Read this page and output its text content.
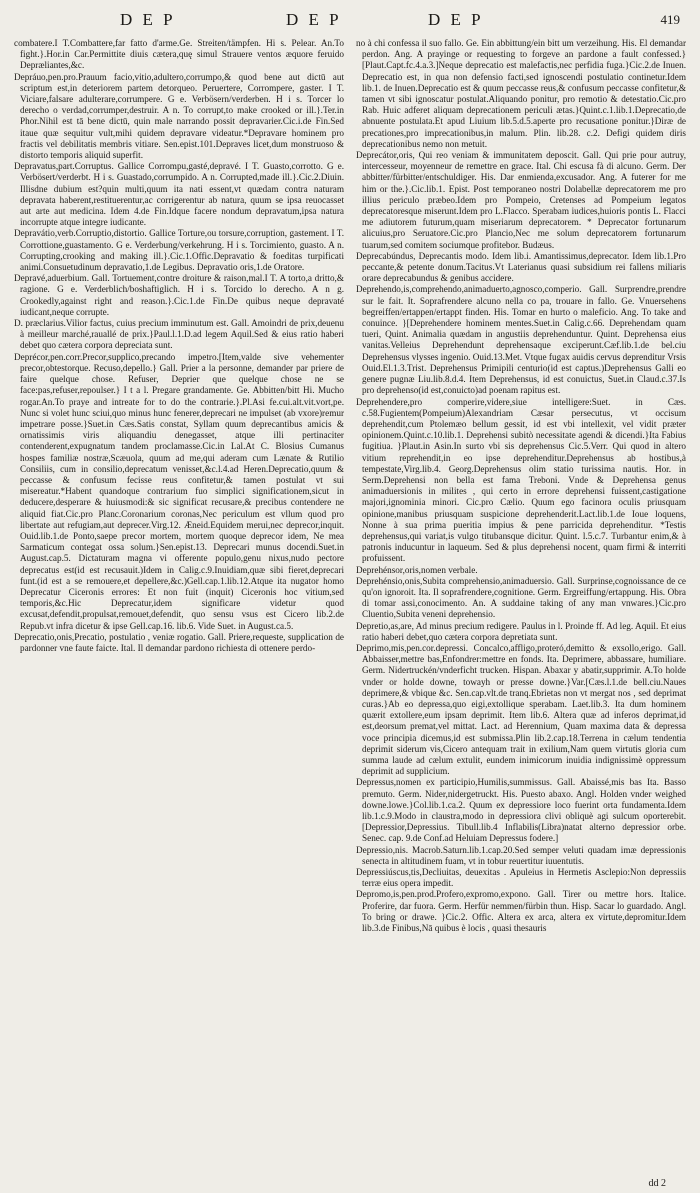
D E P	D E P	D E P	419

combatere.I T.Combattere,far fatto d'arme.Ge. Streiten/tämpfen. Hi s. Pelear. An.To fight.}.Hor.in Car.Permittite diuis cætera,quę simul Strauere ventos æquore feruido Depræliantes,&c.

Depráuo,pen.pro.Prauum facio,vitio,adultero,corrumpo,& quod bene aut dictū aut scriptum est,in deteriorem partem detorqueo. Peruertere, Corrompere, gaster. I T. Viciare,falsare adulterare,corrumpere. G e. Verbösern/verderben. H i s. Torcer lo derecho o verdad,corrumper,destruir. A n. To corrupt,to make crooked or ill.}.Ter.in Phor.Nihil est tā bene dictū, quin male narrando possit depravarier.Cic.i.de Fin.Sed itaue quæ sequitur vult,mihi quidem depravare videatur.*Depravare hominem pro fractis vel debilitatis membris vitiare. Sen.epist.101.Depraves licet,dum monstruoso & distorto temporis aliquid superfit.

Depravatus,part.Corruptus. Gallice Corrompu,gasté,depravé. I T. Guasto,corrotto. G e. Verbösert/verderbt. H i s. Guastado,corrumpido. A n. Corrupted,made ill.}.Cic.2.Diuin. Illisdne dubium est?quin multi,quum ita nati essent,vt quædam contra naturam depravata haberent,restituerentur,ac corrigerentur ab natura, quum se ipsa reuocasset aut arte aut medicina. Idem 4.de Fin.Idque facere nondum depravatum,ipsa natura incorrupte atque integre iudicante.

Depravátio,verb.Corruptio,distortio. Gallice Torture,ou torsure,corruption, gastement. I T. Corrottione,guastamento. G e. Verderbung/verkehrung. H i s. Torcimiento, guasto. A n. Corrupting,crooking and making ill.}.Cic.1.Offic.Depravatio & foeditas turpificati animi.Consuetudinum depravatio,1.de Legibus. Depravatio oris,1.de Oratore.

Depravé,aduerbium. Gall. Tortuement,contre droiture & raison,mal.I T. A torto,a dritto,& ragione. G e. Verderblich/boshaftiglich. H i s. Torcido lo derecho. A n g. Crookedly,against right and reason.}.Cic.1.de Fin.De quibus neque depravaté iudicant,neque corrupte.

D. præclarius.Vilior factus, cuius precium imminutum est. Gall. Amoindri de prix,deuenu à meilleur marché,rauallé de prix.}Paul.l.1.D.ad legem Aquil.Sed & eius ratio haberi debet quo cætera corpora depreciata sunt.

Deprécor,pen.corr.Precor,supplico,precando impetro.[Item,valde sive vehementer precor,obtestorque. Recuso,depello.} Gall. Prier a la personne, demander par priere de faire quelque chose. Refuser, Deprier que quelque chose ne se face:pas,refuser,repoulser.} I t a l. Pregare grandamente. Ge. Abbitten/bitt Hi. Mucho rogar.An.To praye and intreate for to do the contrarie.}.Pl.Asi fe.cui.alt.vit.vort,pe. Nunc si volet hunc sciui,quo minus hunc fenerer,deprecari ne impulset (ab vxore)remur impetrare posse.}Suet.in Cæs.Satis constat, Syllam quum deprecantibus amicis & ornatissimis viris aliquandiu denegasset, atque illi pertinaciter contenderent,expugnatum tandem proclamasse.Cic.in Lal.At C. Blosius Cumanus hospes familiæ nostræ,Scæuola, quum ad me,qui aderam cum Lænate & Rutilio Consiliis, cum in consilio,deprecatum venisset,&c.l.4.ad Heren.Deprecatio,quum & peccasse & confusum fecisse reus confitetur,& tamen postulat vt sui misereatur.*Habent quandoque contrarium fuo simplici significationem,sicut in deducere,desperare & huiusmodi:& sic significat recusare,& precibus contendere ne aliquid fiat.Cic.pro Planc.Coronarium coronas,Nec periculum est vllum quod pro libertate aut refugiam,aut deprecer.Virg.12. Æneid.Equidem merui,nec deprecor,inquit. Ouid.lib.1.de Ponto,saepe precor mortem, mortem quoque deprecor idem, Ne mea Sarmaticum contegat ossa solum.}Sen.epist.13. Deprecari munus docendi.Suet.in August.cap.5. Dictaturam magna vi offerente populo,genu nixus,nudo pectore deprecatus est(id est recusauit.)Idem in Calig.c.9.Inuidiam,quæ sibi fieret,deprecari funt.(id est a se remouere,et depellere,&c.)Gell.cap.1.lib.12.Atque ita nugator homo Deprecatur Ciceronis errores: Et non fuit (inquit) Ciceronis hoc vitium,sed temporis,&c.Hic Deprecatur,idem significare videtur quod excusat,defendit,propulsat,remouet,defendit, quo sensu vsus est Cicero lib.2.de Repub.vt infra dicetur & ipse Gell.cap.16. lib.6. Vide Suet. in August.ca.5.

Deprecatio,onis,Precatio, postulatio , veniæ rogatio. Gall. Priere,requeste, supplication de pardonner vne faute faicte. Ital. Il demandar pardono richiesta di ottenere perdo-

no à chi confessa il suo fallo. Ge. Ein abbittung/ein bitt um verzeihung. His. El demandar perdon. Ang. A prayinge or requesting to forgeve an pardone a fault confessed.}[Plaut.Capt.fc.4.a.3.]Neque deprecatio est malefactis,nec perfidia fuga.}Cic.2.de Inuen. Deprecatio est, in qua non defensio facti,sed ignoscendi postulatio continetur.Idem lib.1. de Inuen.Deprecatio est & quum peccasse reus,& confusum peccasse confitetur,& tamen vt sibi ignoscatur postulat.Aliquando ponitur, pro remotio & detestatio.Cic.pro Rab. Huic adferet aliquam deprecationem periculi ætas.}Quint.c.1.lib.1.Deprecatio,de abnuente postulata.Et apud Liuium lib.5.d.5.aperte pro recusatione ponitur.}Diræ de precationes,pro imprecationibus,in malum. Plin. lib.28. c.2. Defigi quidem diris deprecationibus nemo non metuit.

Deprecátor,oris, Qui reo veniam & immunitatem deposcit. Gall. Qui prie pour autruy, intercesseur, moyenneur de remettre en grace. Ital. Chi escusa fà di alcuno. Germ. Der abbitter/fürbitter/entschuldiger. His. Dar enmienda,excusador. Ang. A futerer for me him or the.}.Cic.lib.1. Epist. Post temporaneo nostri Dolabellæ deprecatorem me pro illius periculo præbeo.Idem pro Pompeio, Cretenses ad Pompeium legatos deprecatoresque miserunt.Idem pro L.Flacco. Sperabam iudices,huioris pontis L. Flacci me adiutorem futurum,quam miseriarum deprecatorem. * Deprecator fortunarum alicuius,pro Seruatore.Cic.pro Plancio,Nec me solum deprecatorem fortunarum tuarum,sed comitem sociumque profitebor. Budæus.

Deprecabúndus, Deprecantis modo. Idem lib.i. Amantissimus,deprecator. Idem lib.1.Pro peccante,& petente donum.Tacitus.Vt Laterianus quasi subsidium rei fallens miliaris orare deprecabundus & genibus accidere.

Deprehendo,is,comprehendo,animaduerto,agnosco,comperio. Gall. Surprendre,prendre sur le fait. It. Soprafrendere alcuno nella co pa, trouare in fallo. Ge. Vnuersehens begreiffen/ertappen/ertappt finden. His. Tomar en hurto o maleficio. Ang. To take and conuince. }[Deprehendere hominem mentes.Suet.in Calig.c.66. Deprehendam quam tueri, Quint. Animalia quædam in angustiis deprehenduntur. Quint. Deprehensa eius vanitas.Velleius Deprehendunt deprehensaque exciperunt.Cæf.lib.1.de bel.ciu Deprehensus vlysses ingenio. Ouid.13.Met. Vtque fugax auidis cervus deprenditur Vrsis Ouid.El.1.3.Trist. Deprehensus Primipili centurio(id est captus.)Deprehensus Galli eo genere pugnæ Liu.lib.8.d.4. Item Deprehensus, id est conuictus, Suet.in Claud.c.37.Is pro deprehenso(id est,conuicto)ad poenam rapitus est.

Deprehendere,pro comperire,videre,siue intelligere:Suet. in Cæs. c.58.Fugientem(Pompeium)Alexandriam Cæsar persecutus, vt occisum deprehendit,cum Ptolemæo bellum gessit, id est vbi intellexit, vel vidit præter opinionem.Quint.c.10.lib.1. Deprehensi subitò necessitate agendi & dicendi.}Ita Fabius fugitiua. }Plaut.in Asin.In surto vbi sis deprehensus Cic.5.Verr. Qui quod in altero vitium reprehendit,in eo ipse deprehenditur.Deprehensus ab hostibus,à tempestate,Virg.lib.4. Georg.Deprehensus olim statio turissima nautis. Hor. in Serm.Deprehensi non bella est fama Treboni. Vnde & Deprehensa genus animaduersionis in milites , qui certo in errore deprehensi fuissent,castigatione majori,ignominia minori. Cic.pro Cælio. Quum ego facinora oculis priusquam opinione,manibus priusquam suspicione deprehenderit.Lact.lib.1.de Ioue loquens, Nonne à sua prima pueritia impius & pene parricida deprehenditur. *Testis deprehensus,qui variat,is vulgo titubansque dicitur. Quint. l.5.c.7. Turbantur enim,& à patronis inducuntur in laqueum. Sed & plus deprehensi nocent, quam firmi & interriti profuissent.

Deprehénsor,oris,nomen verbale.

Deprehénsio,onis,Subita comprehensio,animaduersio. Gall. Surprinse,cognoissance de ce qu'on ignoroit. Ita. Il soprafrendere,cognitione. Germ. Ergreiffung/ertappung. His. Obra di tomar assi,conocimento. An. A suddaine taking of any man vnwares.}Cic.pro Cluentio,Subita veneni deprehensio.

Depretio,as,are, Ad minus precium redigere. Paulus in l. Proinde ff. Ad leg. Aquil. Et eius ratio haberi debet,quo cætera corpora depretiata sunt.

Deprimo,mis,pen.cor.depressi. Concalco,affligo,proteró,demitto & exsollo,erigo. Gall. Abbaisser,mettre bas,Enfondrer:mettre en fonds. Ita. Deprimere, abbassare, humiliare. Germ. Nidertruckén/vnderficht trucken. Hispan. Abaxar y abatir,supprimir. A.To holde vnder or holde downe, towayh or presse downe.}Var.[Cæs.l.1.de bell.ciu.Naues deprimere,& vbique &c. Sen.cap.vlt.de tranq.Ebrietas non vt mergat nos , sed deprimat curas.}Ab eo depressa,quo eigi,extollique sperabam. Laet.lib.3. Ita dum hominem quærit extollere,eum ipsam deprimit. Item lib.6. Altera quæ ad inferos deprimat,id est,deorsum premat,vel mittat. Lact. ad Herennium, Quam maxima data & depressa voce principia dicemus,id est submissa.Plin lib.2.cap.18.Terrena in cælum tendentia deprimit siderum vis,Cicero antequam trait in exilium,Nam quem virtutis gloria cum summa laude ad cælum extulit, eundem inimicorum inuidia indignissimè oppressum deprimit ad supplicium.

Depressus,nomen ex participio,Humilis,summissus. Gall. Abaissé,mis bas Ita. Basso premuto. Germ. Nider,nidergetruckt. His. Puesto abaxo. Angl. Holden vnder weighed downe.lowe.}Col.lib.1.ca.2. Quum ex depressiore loco fuerint orta fundamenta.Idem lib.1.c.9.Modo in claustra,modo in depressiora clivi obliquè agi sulcum oporterebit.[Depressior,Depressius. Tibull.lib.4 Inflabilis(Libra)natat alterno depressior orbe. Senec. cap. 9.de Conf.ad Heluiam Depressus fodere.]

Depressio,nis. Macrob.Saturn.lib.1.cap.20.Sed semper veluti quadam imæ depressionis senecta in altitudinem fuam, vt in tobur reuertitur iuuentutis.

Depressiúscus,tis,Decliuitas, deuexitas . Apuleius in Hermetis Asclepio:Non depressiis terræ eius opera impedit.

Depromo,is,pen.prod.Profero,expromo,expono. Gall. Tirer ou mettre hors. Italice. Proferire, dar fuora. Germ. Herfür nemmen/fürbin thun. Hisp. Sacar lo guardado. Angl. To bring or drawe. }Cic.2. Offic. Altera ex arca, altera ex virtute,depromitur.Idem lib.3.de Finibus,Nā quibus è locis , quasi thesauris

dd 2
